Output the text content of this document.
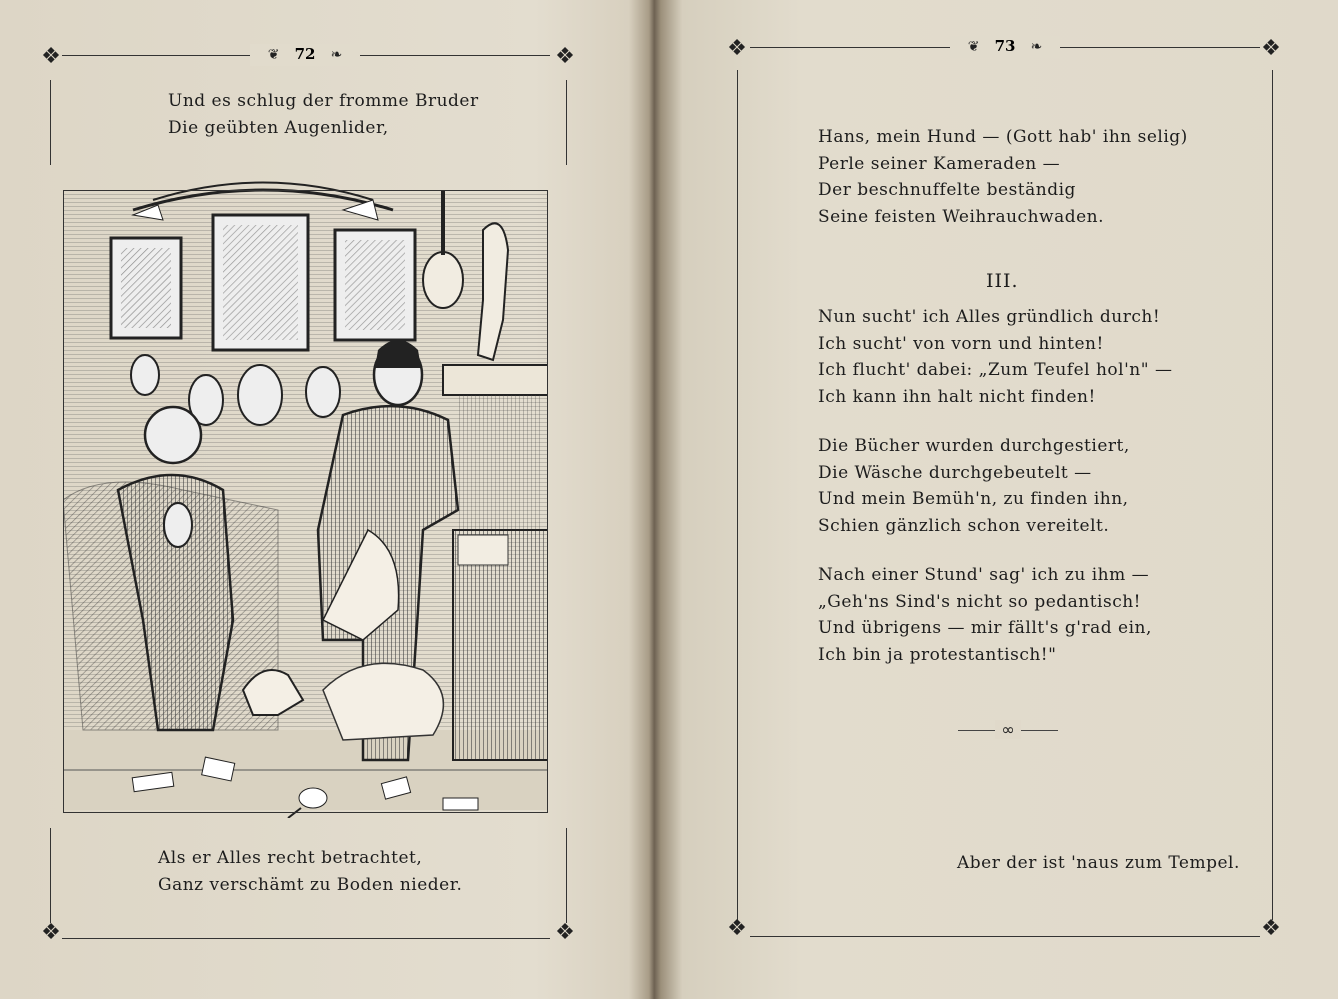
❖	❖
❖	❖
❦ 72 ❧
Und es schlug der fromme Bruder
Die geübten Augenlider,
Als er Alles recht betrachtet,
Ganz verschämt zu Boden nieder.
❖	❖
❖	❖
❦ 73 ❧
Hans, mein Hund — (Gott hab' ihn selig)
Perle seiner Kameraden —
Der beschnuffelte beständig
Seine feisten Weihrauchwaden.
III.
Nun sucht' ich Alles gründlich durch!
Ich sucht' von vorn und hinten!
Ich flucht' dabei: „Zum Teufel hol'n" —
Ich kann ihn halt nicht finden!
Die Bücher wurden durchgestiert,
Die Wäsche durchgebeutelt —
Und mein Bemüh'n, zu finden ihn,
Schien gänzlich schon vereitelt.
Nach einer Stund' sag' ich zu ihm —
„Geh'ns Sind's nicht so pedantisch!
Und übrigens — mir fällt's g'rad ein,
Ich bin ja protestantisch!"
∞
Aber der ist 'naus zum Tempel.
